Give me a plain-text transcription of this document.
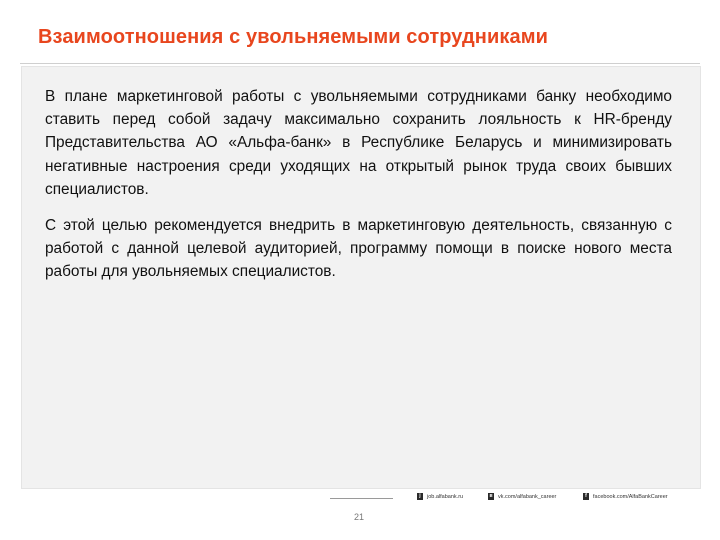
Взаимоотношения с увольняемыми сотрудниками

В плане маркетинговой работы с увольняемыми сотрудниками банку необходимо ставить перед собой задачу максимально сохранить лояльность к HR-бренду Представительства АО «Альфа-банк» в Республике Беларусь и минимизировать негативные настроения среди уходящих на открытый рынок труда своих бывших специалистов.

С этой целью рекомендуется внедрить в маркетинговую деятельность, связанную с работой с данной целевой аудиторией, программу помощи в поиске нового места работы для увольняемых специалистов.

j	job.alfabank.ru	в vk.com/alfabank_career	f	facebook.com/AlfaBankCareer
21
